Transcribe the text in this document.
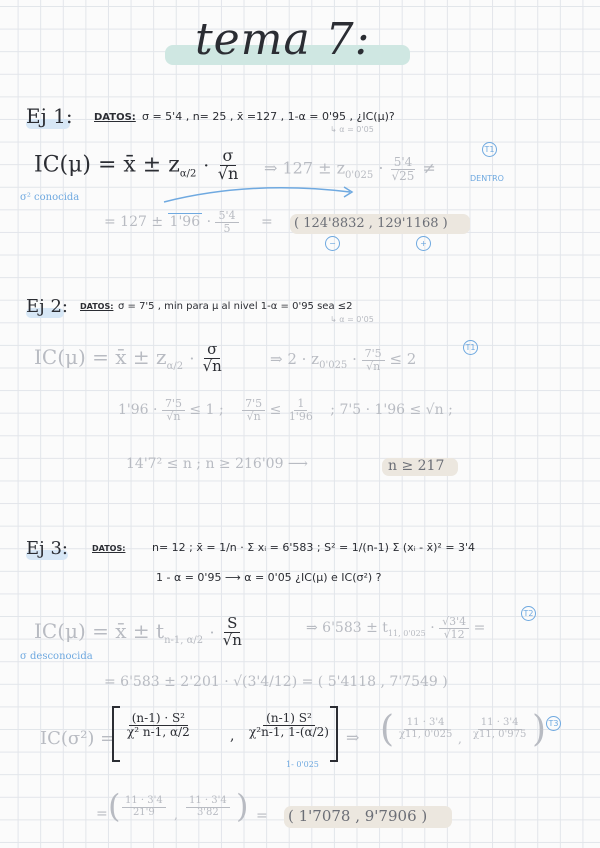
tema 7:
Ej 1: DATOS: σ = 5'4 , n= 25 , x̄ =127 , 1-α = 0'95 , ¿IC(μ)?
↳ α = 0'05
IC(μ) = x̄ ± $z_{\alpha/2} \cdot \frac{\sigma}{√n}$ ⇒ $127 \pm z_{0'025} \cdot \frac{5'4}{√25}$ ≠
T1
DENTRO
σ² conocida
= $127 \pm 1'96 \cdot \frac{5'4}{5}$ = ( 124'8832 , 129'1168 )
−	+
Ej 2: DATOS: σ = 7'5 , min para μ al nivel 1-α = 0'95 sea ≤2
↳ α = 0'05
IC(μ) = x̄ ± $z_{\alpha/2} \cdot \frac{\sigma}{√n}$	⇒ $2 \cdot z_{0'025} \cdot \frac{7'5}{√n} \le 2$
T1
$1'96 \cdot \frac{7'5}{√n} \le 1$ ; $\frac{7'5}{√n} \le \frac{1}{1'96}$ ; 7'5 · 1'96 ≤ √n ;
14'7² ≤ n ; n ≥ 216'09 ⟶	n ≥ 217
Ej 3:	DATOS: n= 12 ; x̄ = 1/n · Σ xᵢ = 6'583 ; S² = 1/(n-1) Σ (xᵢ - x̄)² = 3'4
1 - α = 0'95 ⟶ α = 0'05 ¿IC(μ) e IC(σ²) ?
IC(μ) = x̄ ± $t_{n-1, \alpha/2} \cdot \frac{S}{√n}$	⇒ $6'583 \pm t_{11, 0'025} \cdot \frac{√3'4}{√12}$ =
T2
σ desconocida
= 6'583 ± 2'201 · √(3'4/12) = ( 5'4118 , 7'7549 )
IC(σ²) =
$\frac{\text{(n-1) · S²}}{\text{χ² n-1, α/2}}$	, $\frac{\text{(n-1) S²}}{\text{χ²n-1, 1-(α/2)}}$
1- 0'025
⇒ ( $\frac{11 \cdot 3'4}{\chi 11, 0'025}$ , $\frac{11 \cdot 3'4}{\chi 11, 0'975}$ ) T3
= ( $\frac{11 \cdot 3'4}{21'9}$ , $\frac{11 \cdot 3'4}{3'82}$ ) = ( 1'7078 , 9'7906 )
